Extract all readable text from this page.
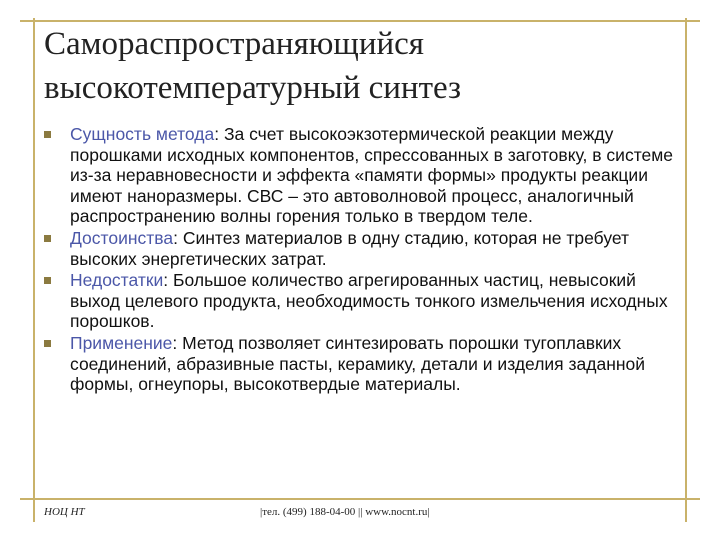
Самораспространяющийся
высокотемпературный синтез
Сущность метода: За счет высокоэкзотермической реакции между порошками исходных компонентов, спрессованных в заготовку, в системе из-за неравновесности и эффекта «памяти формы» продукты реакции имеют наноразмеры. СВС – это автоволновой процесс, аналогичный распространению волны горения только в твердом теле.
Достоинства: Синтез материалов в одну стадию, которая не требует высоких энергетических затрат.
Недостатки: Большое количество агрегированных частиц, невысокий выход целевого продукта, необходимость тонкого измельчения исходных порошков.
Применение: Метод позволяет синтезировать порошки тугоплавких соединений, абразивные пасты, керамику, детали и изделия заданной формы, огнеупоры, высокотвердые материалы.
НОЦ НТ	|тел. (499) 188-04-00 || www.nocnt.ru|
